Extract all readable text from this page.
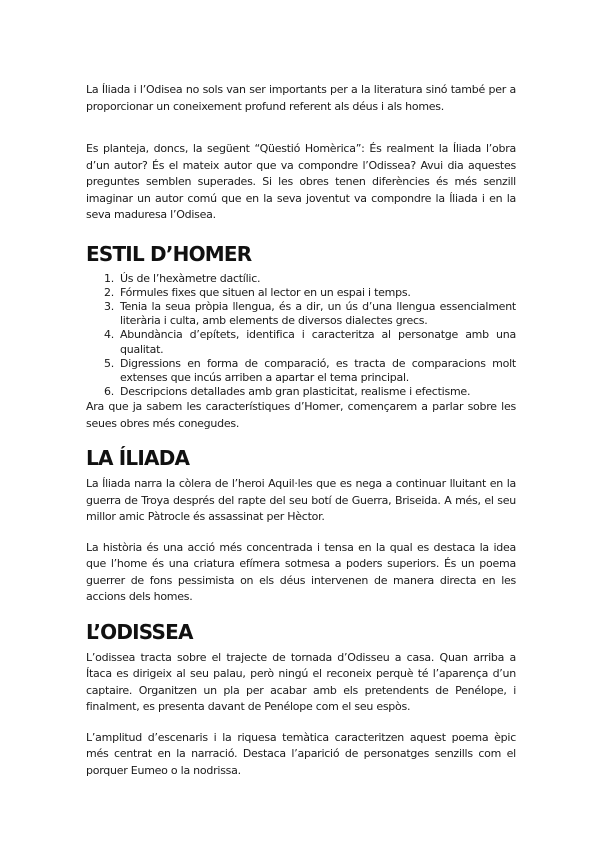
La Íliada i l’Odisea no sols van ser importants per a la literatura sinó també per a proporcionar un coneixement profund referent als déus i als homes.

Es planteja, doncs, la següent “Qüestió Homèrica”: És realment la Íliada l’obra d’un autor? És el mateix autor que va compondre l’Odissea? Avui dia aquestes preguntes semblen superades. Si les obres tenen diferències és més senzill imaginar un autor comú que en la seva joventut va compondre la Íliada i en la seva maduresa l’Odisea.

ESTIL D’HOMER
1. Ús de l’hexàmetre dactílic.
2. Fórmules fixes que situen al lector en un espai i temps.
3. Tenia la seua pròpia llengua, és a dir, un ús d’una llengua essencialment literària i culta, amb elements de diversos dialectes grecs.
4. Abundància d’epítets, identifica i caracteritza al personatge amb una qualitat.
5. Digressions en forma de comparació, es tracta de comparacions molt extenses que incús arriben a apartar el tema principal.
6. Descripcions detallades amb gran plasticitat, realisme i efectisme.

Ara que ja sabem les característiques d’Homer, començarem a parlar sobre les seues obres més conegudes.

LA ÍLIADA

La Íliada narra la còlera de l’heroi Aquil·les que es nega a continuar lluitant en la guerra de Troya després del rapte del seu botí de Guerra, Briseida. A més, el seu millor amic Pàtrocle és assassinat per Hèctor.

La història és una acció més concentrada i tensa en la qual es destaca la idea que l’home és una criatura efímera sotmesa a poders superiors. És un poema guerrer de fons pessimista on els déus intervenen de manera directa en les accions dels homes.

L’ODISSEA

L’odissea tracta sobre el trajecte de tornada d’Odisseu a casa. Quan arriba a Ítaca es dirigeix al seu palau, però ningú el reconeix perquè té l’aparença d’un captaire. Organitzen un pla per acabar amb els pretendents de Penélope, i finalment, es presenta davant de Penélope com el seu espòs.

L’amplitud d’escenaris i la riquesa temàtica caracteritzen aquest poema èpic més centrat en la narració. Destaca l’aparició de personatges senzills com el porquer Eumeo o la nodrissa.
